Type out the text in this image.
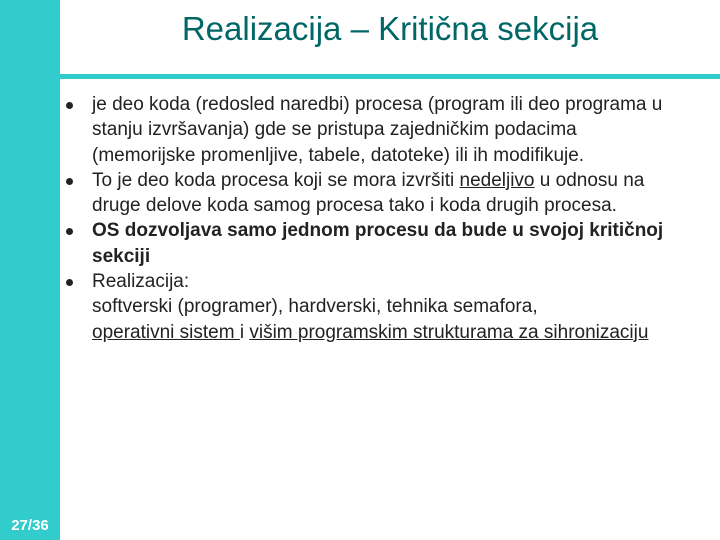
27/36
Realizacija – Kritična sekcija
je deo koda (redosled naredbi) procesa (program ili deo programa u stanju izvršavanja) gde se pristupa zajedničkim podacima (memorijske promenljive, tabele, datoteke) ili ih modifikuje.
To je deo koda procesa koji se mora izvršiti nedeljivo u odnosu na druge delove koda samog procesa tako i koda drugih procesa.
OS dozvoljava samo jednom procesu da bude u svojoj kritičnoj sekciji
Realizacija:
softverski (programer), hardverski, tehnika semafora,
operativni sistem i višim programskim strukturama za sihronizaciju
